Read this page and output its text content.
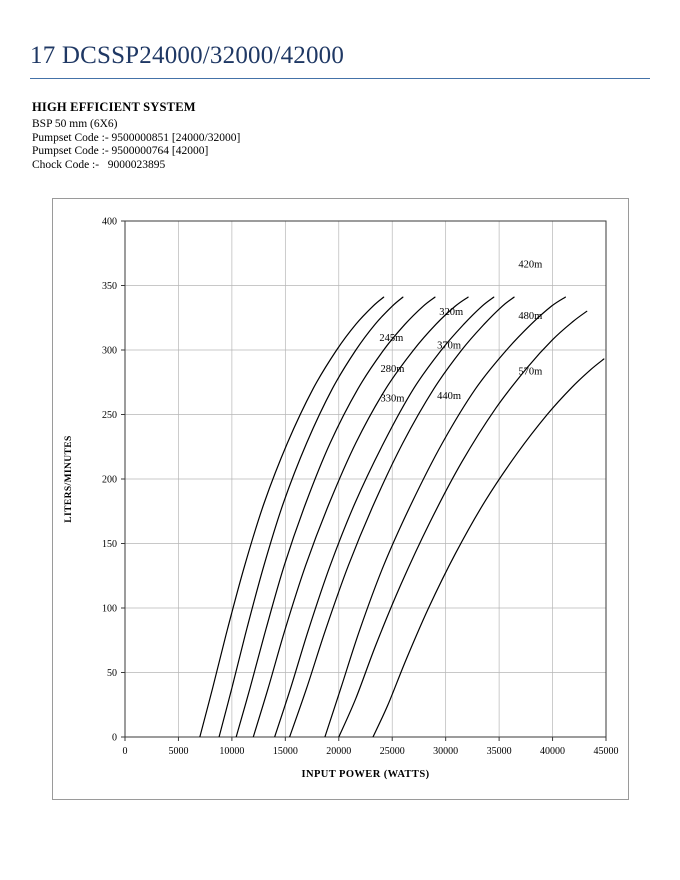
17 DCSSP24000/32000/42000

HIGH EFFICIENT SYSTEM

BSP 50 mm (6X6)

Pumpset Code :- 9500000851 [24000/32000]

Pumpset Code :- 9500000764 [42000]

Chock Code :-   9000023895

0	5000	10000	15000	20000	25000	30000	35000	40000	45000
0
50
100
150
200
250
300
350
400
INPUT POWER (WATTS)
LITERS/MINUTES
245m
280m
330m
320m
370m
440m
420m
480m
570m
